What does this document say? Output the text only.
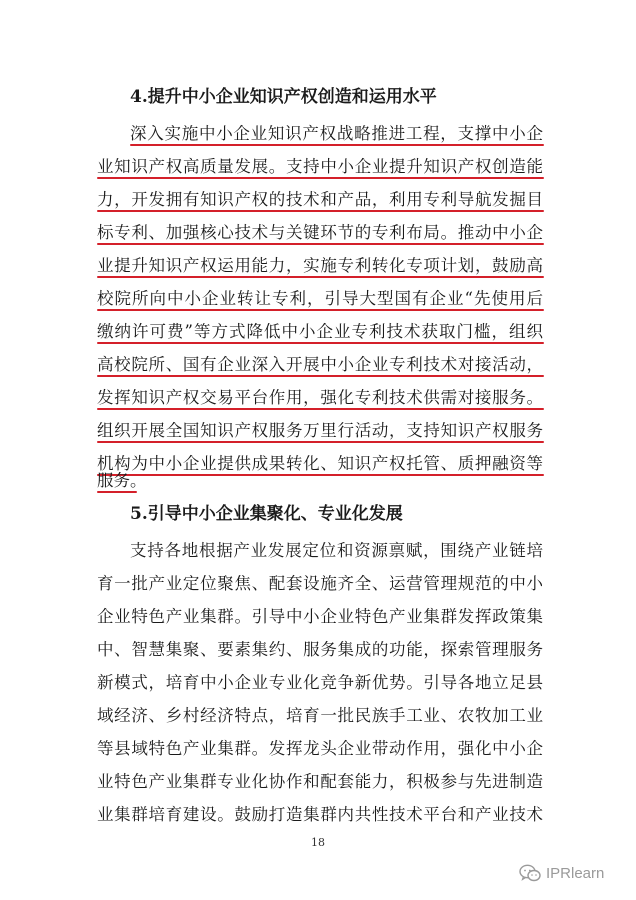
4.提升中小企业知识产权创造和运用水平
深入实施中小企业知识产权战略推进工程，支撑中小企
业知识产权高质量发展。支持中小企业提升知识产权创造能
力，开发拥有知识产权的技术和产品，利用专利导航发掘目
标专利、加强核心技术与关键环节的专利布局。推动中小企
业提升知识产权运用能力，实施专利转化专项计划，鼓励高
校院所向中小企业转让专利，引导大型国有企业“先使用后
缴纳许可费”等方式降低中小企业专利技术获取门槛，组织
高校院所、国有企业深入开展中小企业专利技术对接活动，
发挥知识产权交易平台作用，强化专利技术供需对接服务。
组织开展全国知识产权服务万里行活动，支持知识产权服务
机构为中小企业提供成果转化、知识产权托管、质押融资等
服务。
5.引导中小企业集聚化、专业化发展
支持各地根据产业发展定位和资源禀赋，围绕产业链培
育一批产业定位聚焦、配套设施齐全、运营管理规范的中小
企业特色产业集群。引导中小企业特色产业集群发挥政策集
中、智慧集聚、要素集约、服务集成的功能，探索管理服务
新模式，培育中小企业专业化竞争新优势。引导各地立足县
域经济、乡村经济特点，培育一批民族手工业、农牧加工业
等县域特色产业集群。发挥龙头企业带动作用，强化中小企
业特色产业集群专业化协作和配套能力，积极参与先进制造
业集群培育建设。鼓励打造集群内共性技术平台和产业技术
18
IPRlearn
